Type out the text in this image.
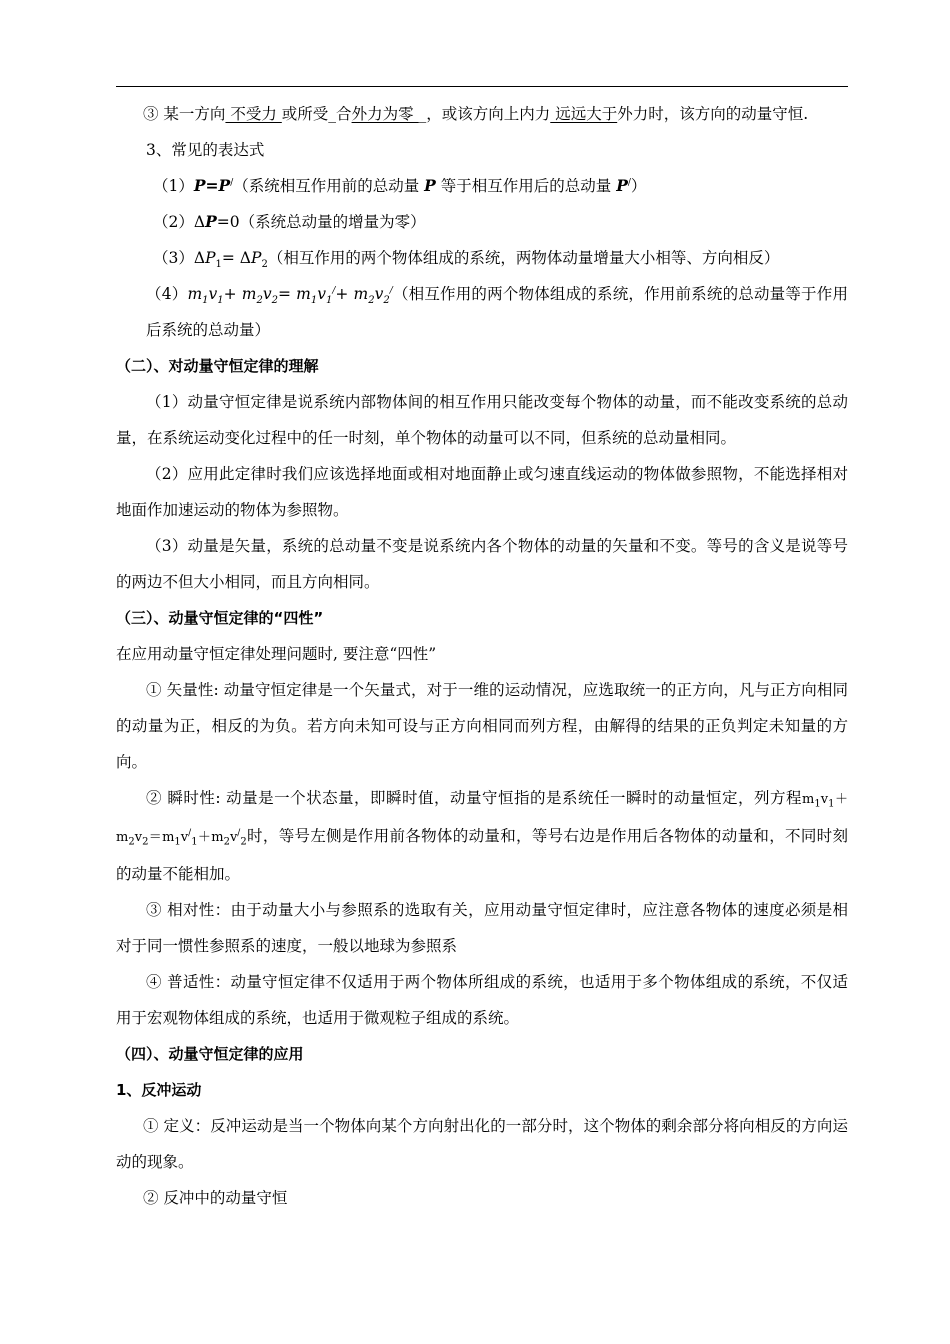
③ 某一方向 不受力 或所受_合外力为零 _，或该方向上内力 远远大于外力时，该方向的动量守恒.

3、常见的表达式

（1）P=P/（系统相互作用前的总动量 P 等于相互作用后的总动量 P/）

（2）ΔP=0（系统总动量的增量为零）

$(3)\Delta P_1= \Delta P_2$（相互作用的两个物体组成的系统，两物体动量增量大小相等、方向相反）

$(4)m_1v_1+ m_2v_2= m_1v_1^/+ m_2v_2^/$（相互作用的两个物体组成的系统，作用前系统的总动量等于作用后系统的总动量）

（二）、对动量守恒定律的理解

（1）动量守恒定律是说系统内部物体间的相互作用只能改变每个物体的动量，而不能改变系统的总动量，在系统运动变化过程中的任一时刻，单个物体的动量可以不同，但系统的总动量相同。

（2）应用此定律时我们应该选择地面或相对地面静止或匀速直线运动的物体做参照物，不能选择相对地面作加速运动的物体为参照物。

（3）动量是矢量，系统的总动量不变是说系统内各个物体的动量的矢量和不变。等号的含义是说等号的两边不但大小相同，而且方向相同。

（三）、动量守恒定律的“四性”

在应用动量守恒定律处理问题时, 要注意“四性”

① 矢量性: 动量守恒定律是一个矢量式，对于一维的运动情况，应选取统一的正方向，凡与正方向相同的动量为正，相反的为负。若方向未知可设与正方向相同而列方程，由解得的结果的正负判定未知量的方向。

② 瞬时性: 动量是一个状态量，即瞬时值，动量守恒指的是系统任一瞬时的动量恒定，列方程$m_1v_1+m_2v_2=m_1v^/_1+m_2v^/_2$时，等号左侧是作用前各物体的动量和，等号右边是作用后各物体的动量和，不同时刻的动量不能相加。

③ 相对性：由于动量大小与参照系的选取有关，应用动量守恒定律时，应注意各物体的速度必须是相对于同一惯性参照系的速度，一般以地球为参照系

④ 普适性：动量守恒定律不仅适用于两个物体所组成的系统，也适用于多个物体组成的系统，不仅适用于宏观物体组成的系统，也适用于微观粒子组成的系统。

（四）、动量守恒定律的应用

1、反冲运动

① 定义：反冲运动是当一个物体向某个方向射出化的一部分时，这个物体的剩余部分将向相反的方向运动的现象。

② 反冲中的动量守恒
